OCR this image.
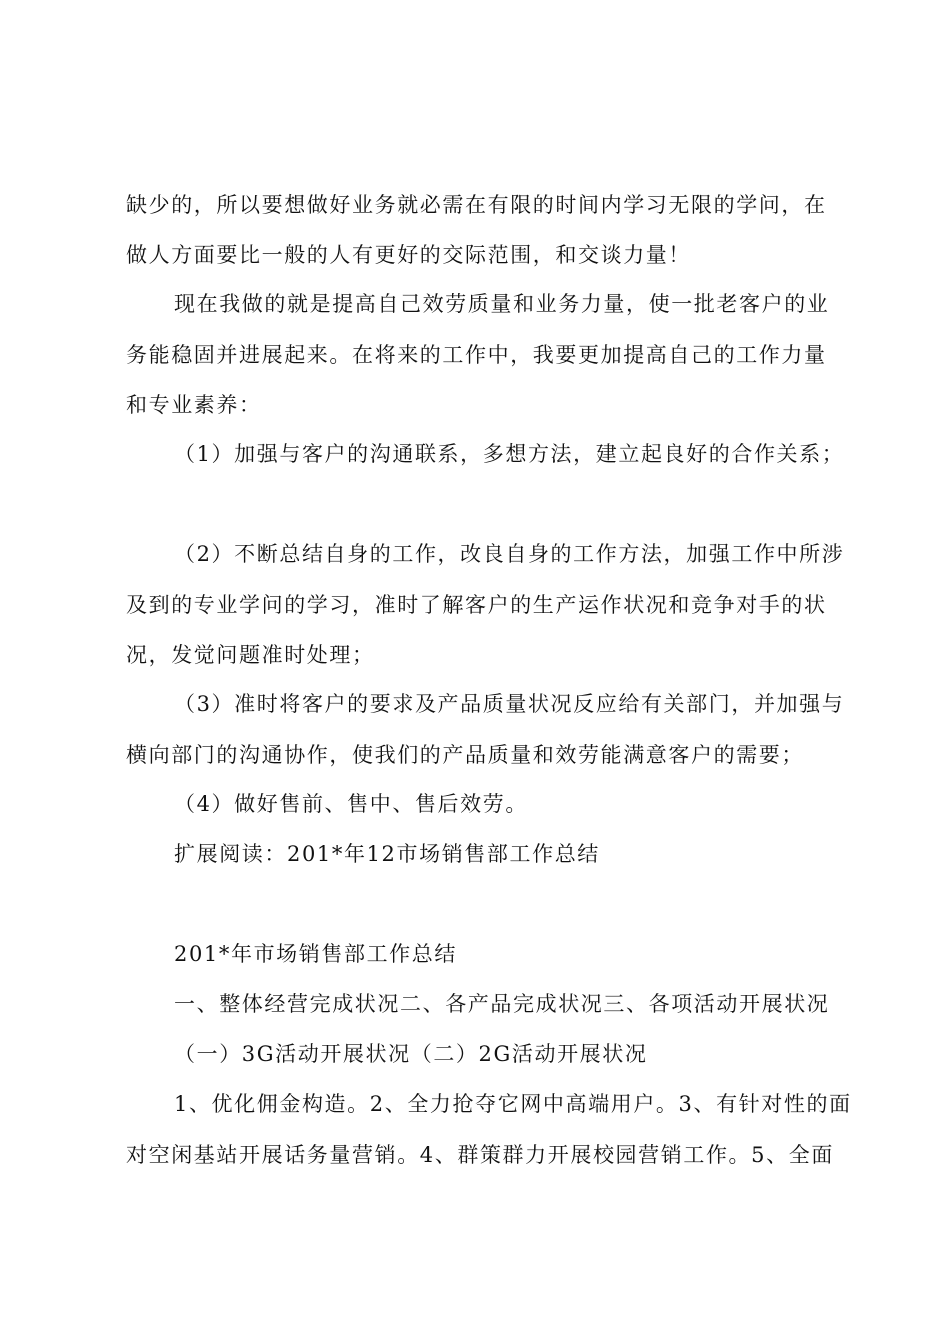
缺少的，所以要想做好业务就必需在有限的时间内学习无限的学问，在
做人方面要比一般的人有更好的交际范围，和交谈力量！
现在我做的就是提高自己效劳质量和业务力量，使一批老客户的业
务能稳固并进展起来。在将来的工作中，我要更加提高自己的工作力量
和专业素养：
（1）加强与客户的沟通联系，多想方法，建立起良好的合作关系；
（2）不断总结自身的工作，改良自身的工作方法，加强工作中所涉
及到的专业学问的学习，准时了解客户的生产运作状况和竞争对手的状
况，发觉问题准时处理；
（3）准时将客户的要求及产品质量状况反应给有关部门，并加强与
横向部门的沟通协作，使我们的产品质量和效劳能满意客户的需要；
（4）做好售前、售中、售后效劳。
扩展阅读：201*年12市场销售部工作总结
201*年市场销售部工作总结
一、整体经营完成状况二、各产品完成状况三、各项活动开展状况
（一）3G活动开展状况（二）2G活动开展状况
1、优化佣金构造。2、全力抢夺它网中高端用户。3、有针对性的面
对空闲基站开展话务量营销。4、群策群力开展校园营销工作。5、全面
